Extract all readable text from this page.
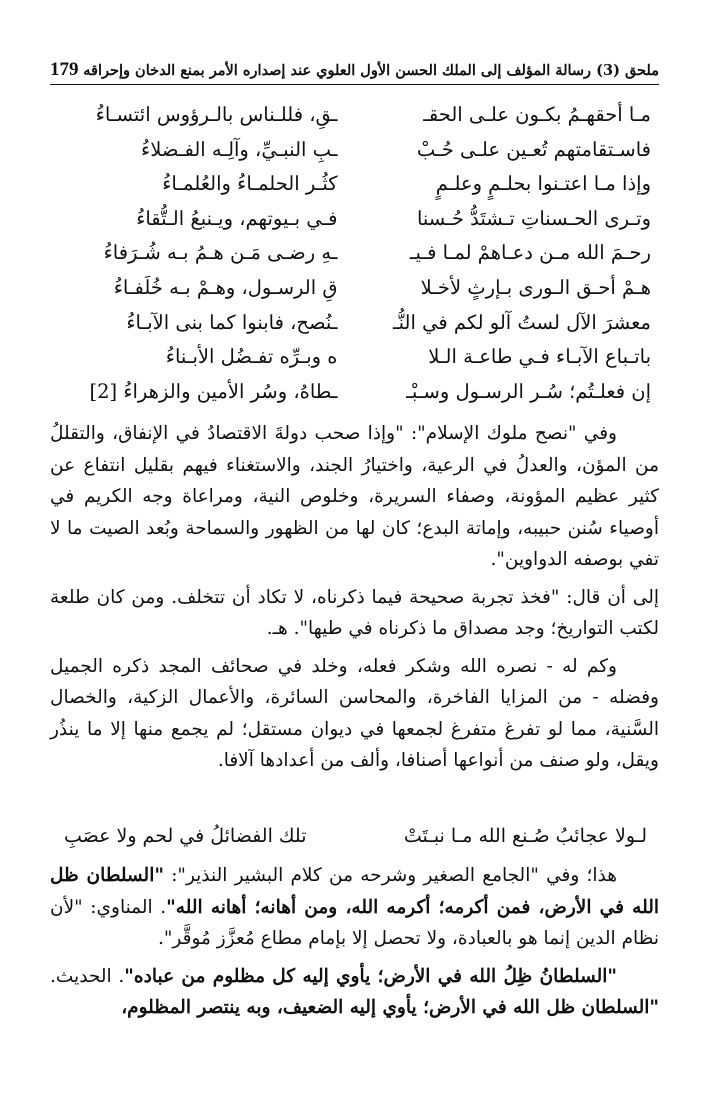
ملحق (3) رسالة المؤلف إلى الملك الحسن الأول العلوي عند إصداره الأمر بمنع الدخان وإحراقه
179
مـا أحقهـمُ بكـون علـى الحقـ
ـقِ، فللـناس بالـرؤوس ائتسـاءُ
فاسـتقامتهم تُعـين علـى حُـبْ
ـبِ النبـيِّ، وآلِـه الفـضلاءُ
وإذا مـا اعتـنوا بحلـمٍ وعلـمٍ
كثُـر الحلمـاءُ والعُلمـاءُ
وتـرى الحـسناتِ تـشتَدُّ حُـسنا
فـي بـيوتهم، ويـنبعُ الـتُّقاءُ
رحـمَ الله مـن دعـاهمْ لمـا فـيـ
ـهِ رضـى مَـن هـمُ بـه شُـرَفاءُ
هـمْ أحـق الـورى بـإرثٍ لأخـلا
قِ الرسـول، وهـمْ بـه خُلَفـاءُ
معشرَ الآل لستُ آلو لكم في النُّـ
ـنُصح، فابنوا كما بنى الآبـاءُ
باتـباع الآبـاء فـي طاعـة الـلا
ه وبـرِّه تفـضُل الأبـناءُ
إن فعلـتُم؛ سُـر الرسـول وسـبْـ
ـطاهُ، وسُر الأمين والزهراءُ [2]

وفي "نصح ملوك الإسلام": "وإذا صحب دولةَ الاقتصادُ في الإنفاق، والتقللُ من المؤن، والعدلُ في الرعية، واختيارُ الجند، والاستغناء فيهم بقليل انتفاع عن كثير عظيم المؤونة، وصفاء السريرة، وخلوص النية، ومراعاة وجه الكريم في أوصياء سُنن حبيبه، وإماتة البدع؛ كان لها من الظهور والسماحة وبُعد الصيت ما لا تفي بوصفه الدواوين".

إلى أن قال: "فخذ تجربة صحيحة فيما ذكرناه، لا تكاد أن تتخلف. ومن كان طلعة لكتب التواريخ؛ وجد مصداق ما ذكرناه في طيها". هـ.

وكم له - نصره الله وشكر فعله، وخلد في صحائف المجد ذكره الجميل وفضله - من المزايا الفاخرة، والمحاسن السائرة، والأعمال الزكية، والخصال السَّنية، مما لو تفرغ متفرغ لجمعها في ديوان مستقل؛ لم يجمع منها إلا ما ينذُر ويقل، ولو صنف من أنواعها أصنافا، وألف من أعدادها آلافا.

لـولا عجائبُ صُـنع الله مـا نبـتَتْ
تلك الفضائلُ في لحم ولا عصَبِ

هذا؛ وفي "الجامع الصغير وشرحه من كلام البشير النذير": "السلطان ظل الله في الأرض، فمن أكرمه؛ أكرمه الله، ومن أهانه؛ أهانه الله". المناوي: "لأن نظام الدين إنما هو بالعبادة، ولا تحصل إلا بإمام مطاع مُعزَّز مُوقَّر".

"السلطانُ ظِلُ الله في الأرض؛ يأوي إليه كل مظلوم من عباده". الحديث. "السلطان ظل الله في الأرض؛ يأوي إليه الضعيف، وبه ينتصر المظلوم،
